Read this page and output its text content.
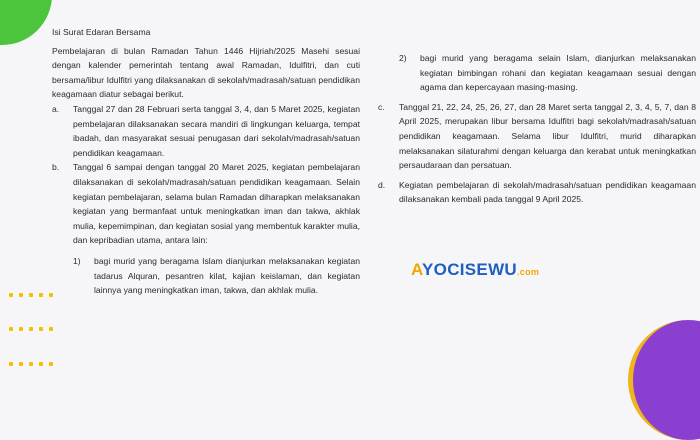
Isi Surat Edaran Bersama
Pembelajaran di bulan Ramadan Tahun 1446 Hijriah/2025 Masehi sesuai dengan kalender pemerintah tentang awal Ramadan, Idulfitri, dan cuti bersama/libur Idulfitri yang dilaksanakan di sekolah/madrasah/satuan pendidikan keagamaan diatur sebagai berikut.
a. Tanggal 27 dan 28 Februari serta tanggal 3, 4, dan 5 Maret 2025, kegiatan pembelajaran dilaksanakan secara mandiri di lingkungan keluarga, tempat ibadah, dan masyarakat sesuai penugasan dari sekolah/madrasah/satuan pendidikan keagamaan.
b. Tanggal 6 sampai dengan tanggal 20 Maret 2025, kegiatan pembelajaran dilaksanakan di sekolah/madrasah/satuan pendidikan keagamaan. Selain kegiatan pembelajaran, selama bulan Ramadan diharapkan melaksanakan kegiatan yang bermanfaat untuk meningkatkan iman dan takwa, akhlak mulia, kepemimpinan, dan kegiatan sosial yang membentuk karakter mulia, dan kepribadian utama, antara lain:
1) bagi murid yang beragama Islam dianjurkan melaksanakan kegiatan tadarus Alquran, pesantren kilat, kajian keislaman, dan kegiatan lainnya yang meningkatkan iman, takwa, dan akhlak mulia.
2) bagi murid yang beragama selain Islam, dianjurkan melaksanakan kegiatan bimbingan rohani dan kegiatan keagamaan sesuai dengan agama dan kepercayaan masing-masing.
c. Tanggal 21, 22, 24, 25, 26, 27, dan 28 Maret serta tanggal 2, 3, 4, 5, 7, dan 8 April 2025, merupakan libur bersama Idulfitri bagi sekolah/madrasah/satuan pendidikan keagamaan. Selama libur Idulfitri, murid diharapkan melaksanakan silaturahmi dengan keluarga dan kerabat untuk meningkatkan persaudaraan dan persatuan.
d. Kegiatan pembelajaran di sekolah/madrasah/satuan pendidikan keagamaan dilaksanakan kembali pada tanggal 9 April 2025.
AYOCISEWU.com
